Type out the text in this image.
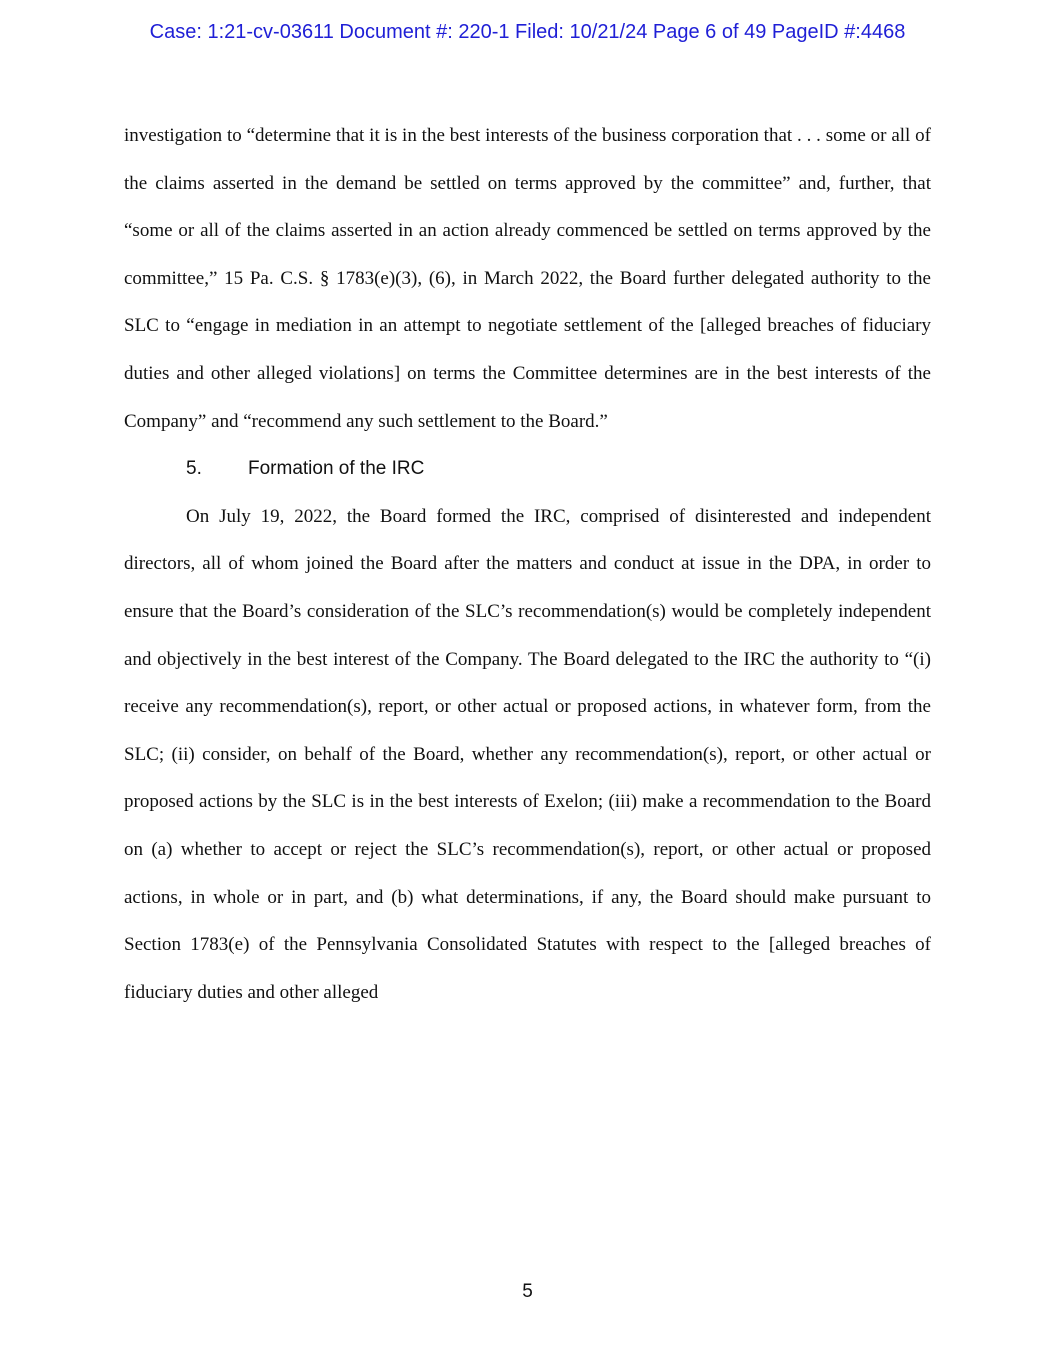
Case: 1:21-cv-03611 Document #: 220-1 Filed: 10/21/24 Page 6 of 49 PageID #:4468

investigation to “determine that it is in the best interests of the business corporation that . . . some or all of the claims asserted in the demand be settled on terms approved by the committee” and, further, that “some or all of the claims asserted in an action already commenced be settled on terms approved by the committee,” 15 Pa. C.S. § 1783(e)(3), (6), in March 2022, the Board further delegated authority to the SLC to “engage in mediation in an attempt to negotiate settlement of the [alleged breaches of fiduciary duties and other alleged violations] on terms the Committee determines are in the best interests of the Company” and “recommend any such settlement to the Board.”

5. Formation of the IRC

On July 19, 2022, the Board formed the IRC, comprised of disinterested and independent directors, all of whom joined the Board after the matters and conduct at issue in the DPA, in order to ensure that the Board’s consideration of the SLC’s recommendation(s) would be completely independent and objectively in the best interest of the Company. The Board delegated to the IRC the authority to “(i) receive any recommendation(s), report, or other actual or proposed actions, in whatever form, from the SLC; (ii) consider, on behalf of the Board, whether any recommendation(s), report, or other actual or proposed actions by the SLC is in the best interests of Exelon; (iii) make a recommendation to the Board on (a) whether to accept or reject the SLC’s recommendation(s), report, or other actual or proposed actions, in whole or in part, and (b) what determinations, if any, the Board should make pursuant to Section 1783(e) of the Pennsylvania Consolidated Statutes with respect to the [alleged breaches of fiduciary duties and other alleged

5
